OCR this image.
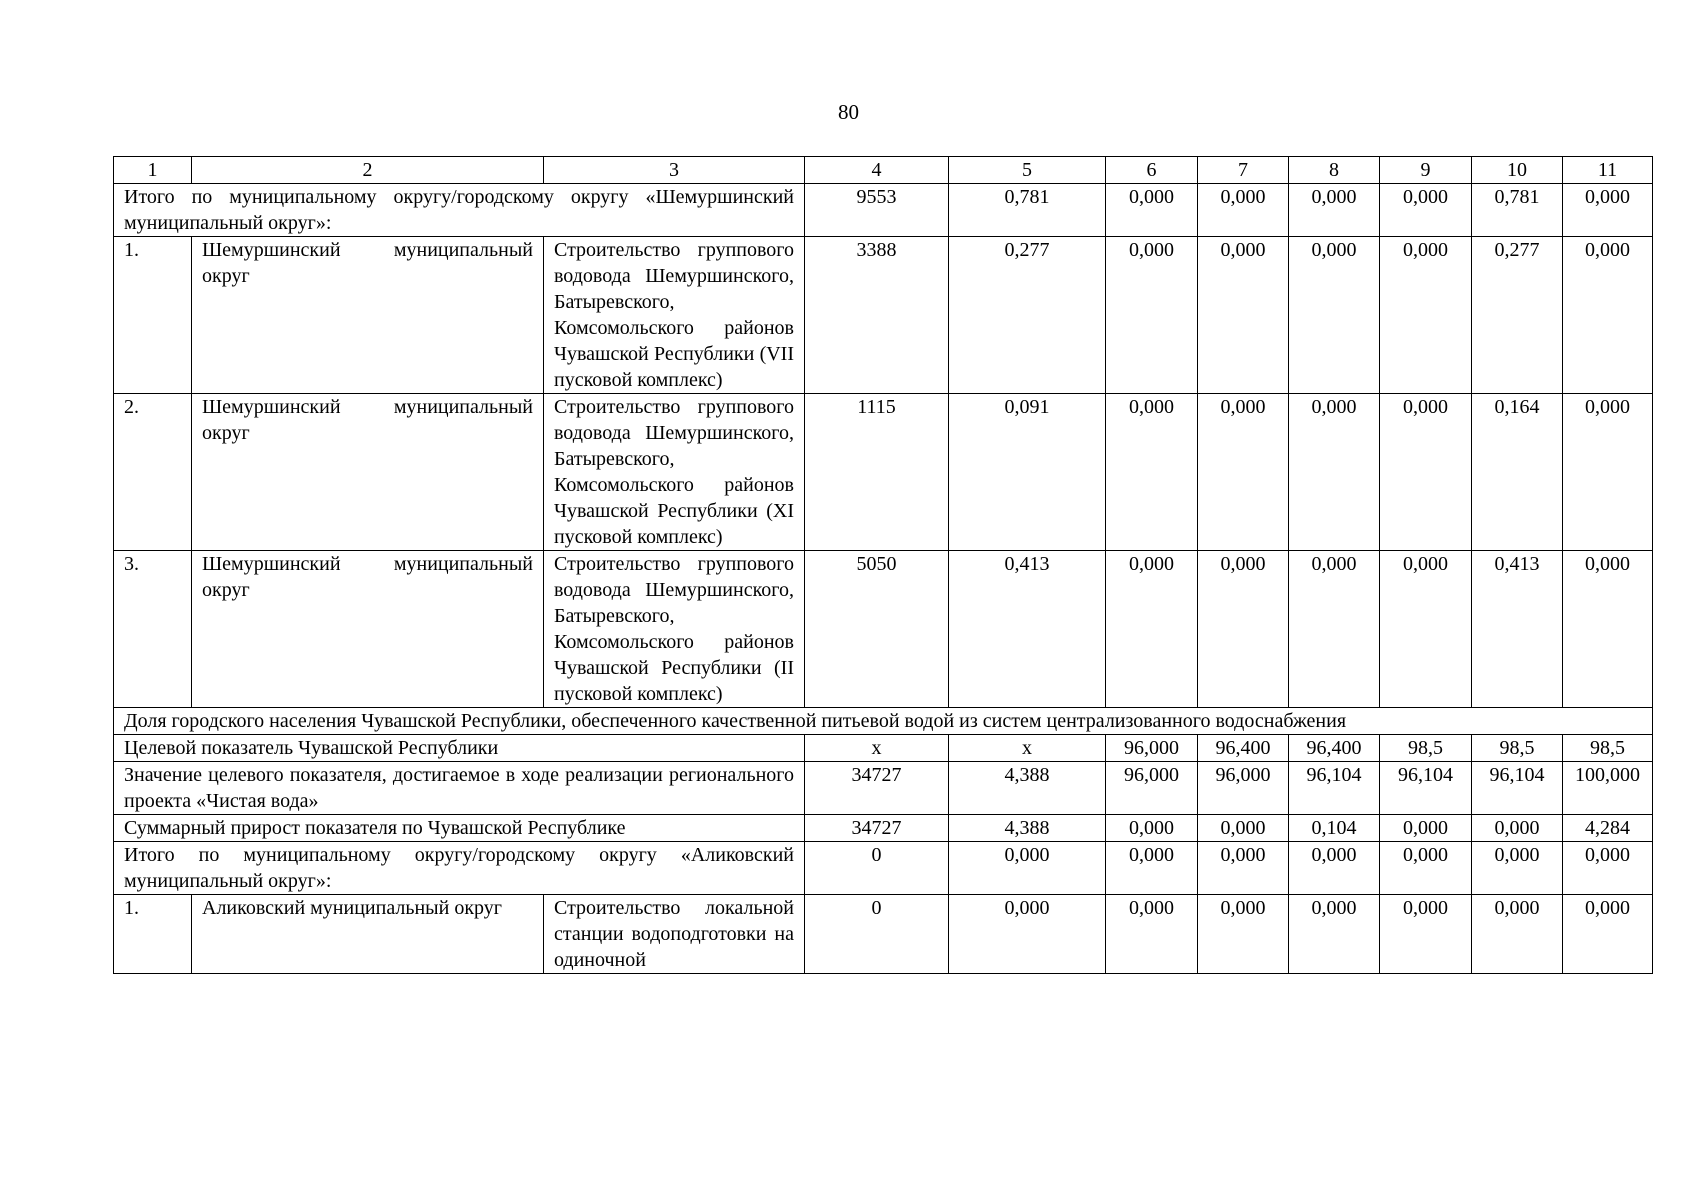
80
1	2	3	4	5	6	7	8	9	10	11
Итого по муниципальному округу/городскому округу «Шемуршинский муниципальный округ»:			9553	0,781	0,000	0,000	0,000	0,000	0,781	0,000
1.	Шемуршинский муниципальный округ	Строительство группового водовода Шемуршинского, Батыревского, Комсомольского районов Чувашской Республики (VII пусковой комплекс)	3388	0,277	0,000	0,000	0,000	0,000	0,277	0,000
2.	Шемуршинский муниципальный округ	Строительство группового водовода Шемуршинского, Батыревского, Комсомольского районов Чувашской Республики (XI пусковой комплекс)	1115	0,091	0,000	0,000	0,000	0,000	0,164	0,000
3.	Шемуршинский муниципальный округ	Строительство группового водовода Шемуршинского, Батыревского, Комсомольского районов Чувашской Республики (II пусковой комплекс)	5050	0,413	0,000	0,000	0,000	0,000	0,413	0,000
Доля городского населения Чувашской Республики, обеспеченного качественной питьевой водой из систем централизованного водоснабжения										
Целевой показатель Чувашской Республики			х	х	96,000	96,400	96,400	98,5	98,5	98,5
Значение целевого показателя, достигаемое в ходе реализации регионального проекта «Чистая вода»			34727	4,388	96,000	96,000	96,104	96,104	96,104	100,000
Суммарный прирост показателя по Чувашской Республике			34727	4,388	0,000	0,000	0,104	0,000	0,000	4,284
Итого по муниципальному округу/городскому округу «Аликовский муниципальный округ»:			0	0,000	0,000	0,000	0,000	0,000	0,000	0,000
1.	Аликовский муниципальный округ	Строительство локальной станции водоподготовки на одиночной	0	0,000	0,000	0,000	0,000	0,000	0,000	0,000
